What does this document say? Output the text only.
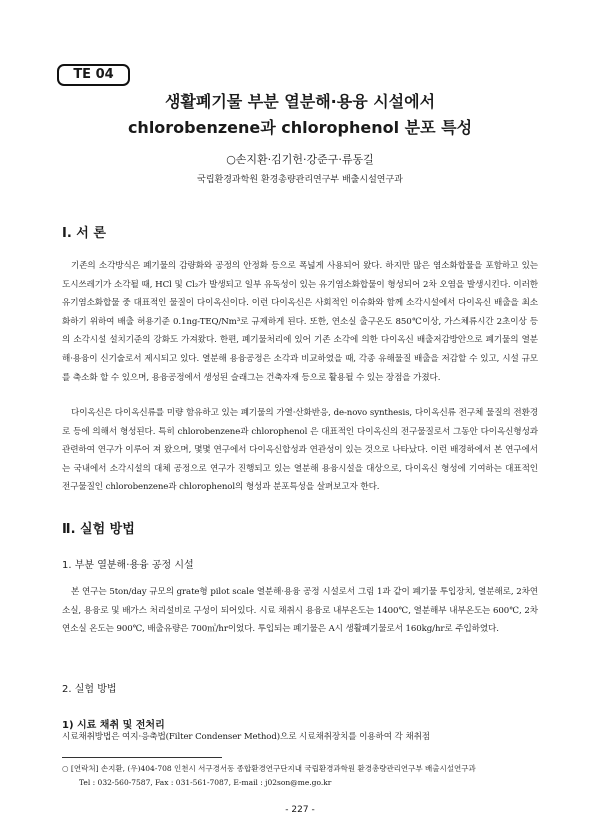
TE 04
생활폐기물 부분 열분해·용융 시설에서
chlorobenzene과 chlorophenol 분포 특성
○손지환·김기헌·강준구·류동길
국립환경과학원 환경총량관리연구부 배출시설연구과
Ⅰ. 서 론

기존의 소각방식은 폐기물의 감량화와 공정의 안정화 등으로 폭넓게 사용되어 왔다. 하지만 많은 염소화합물을 포함하고 있는 도시쓰레기가 소각될 때, HCl 및 Cl₂가 발생되고 일부 유독성이 있는 유기염소화합물이 형성되어 2차 오염을 발생시킨다. 이러한 유기염소화합물 중 대표적인 물질이 다이옥신이다. 이런 다이옥신은 사회적인 이슈화와 함께 소각시설에서 다이옥신 배출을 최소화하기 위하여 배출 허용기준 0.1ng-TEQ/Nm³로 규제하게 된다. 또한, 연소실 출구온도 850℃이상, 가스체류시간 2초이상 등의 소각시설 설치기준의 강화도 가져왔다. 한편, 폐기물처리에 있어 기존 소각에 의한 다이옥신 배출저감방안으로 폐기물의 열분해·용융이 신기술로서 제시되고 있다. 열분해 용융공정은 소각과 비교하였을 때, 각종 유해물질 배출을 저감할 수 있고, 시설 규모를 축소화 할 수 있으며, 용융공정에서 생성된 슬래그는 건축자재 등으로 활용될 수 있는 장점을 가졌다.

다이옥신은 다이옥신류를 미량 함유하고 있는 폐기물의 가열·산화반응, de-novo synthesis, 다이옥신류 전구체 물질의 전환경로 등에 의해서 형성된다. 특히 chlorobenzene과 chlorophenol 은 대표적인 다이옥신의 전구물질로서 그동안 다이옥신형성과 관련하여 연구가 이루어 져 왔으며, 몇몇 연구에서 다이옥신합성과 연관성이 있는 것으로 나타났다. 이런 배경하에서 본 연구에서는 국내에서 소각시설의 대체 공정으로 연구가 진행되고 있는 열분해 용융시설을 대상으로, 다이옥신 형성에 기여하는 대표적인 전구물질인 chlorobenzene과 chlorophenol의 형성과 분포특성을 살펴보고자 한다.

Ⅱ. 실험 방법
1. 부분 열분해·용융 공정 시설

본 연구는 5ton/day 규모의 grate형 pilot scale 열분해·용융 공정 시설로서 그림 1과 같이 폐기물 투입장치, 열분해로, 2차연소실, 용융로 및 배가스 처리설비로 구성이 되어있다. 시료 채취시 용융로 내부온도는 1400℃, 열분해부 내부온도는 600℃, 2차연소실 온도는 900℃, 배출유량은 700㎥/hr이었다. 투입되는 폐기물은 A시 생활폐기물로서 160kg/hr로 주입하였다.

2. 실험 방법
1) 시료 채취 및 전처리

시료채취방법은 여지·응축법(Filter Condenser Method)으로 시료채취장치를 이용하여 각 채취점

○ [연락처] 손지환, (우)404-708 인천시 서구경서동 종합환경연구단지내 국립환경과학원 환경총량관리연구부 배출시설연구과
Tel : 032-560-7587, Fax : 031-561-7087, E-mail : j02son@me.go.kr
- 227 -
